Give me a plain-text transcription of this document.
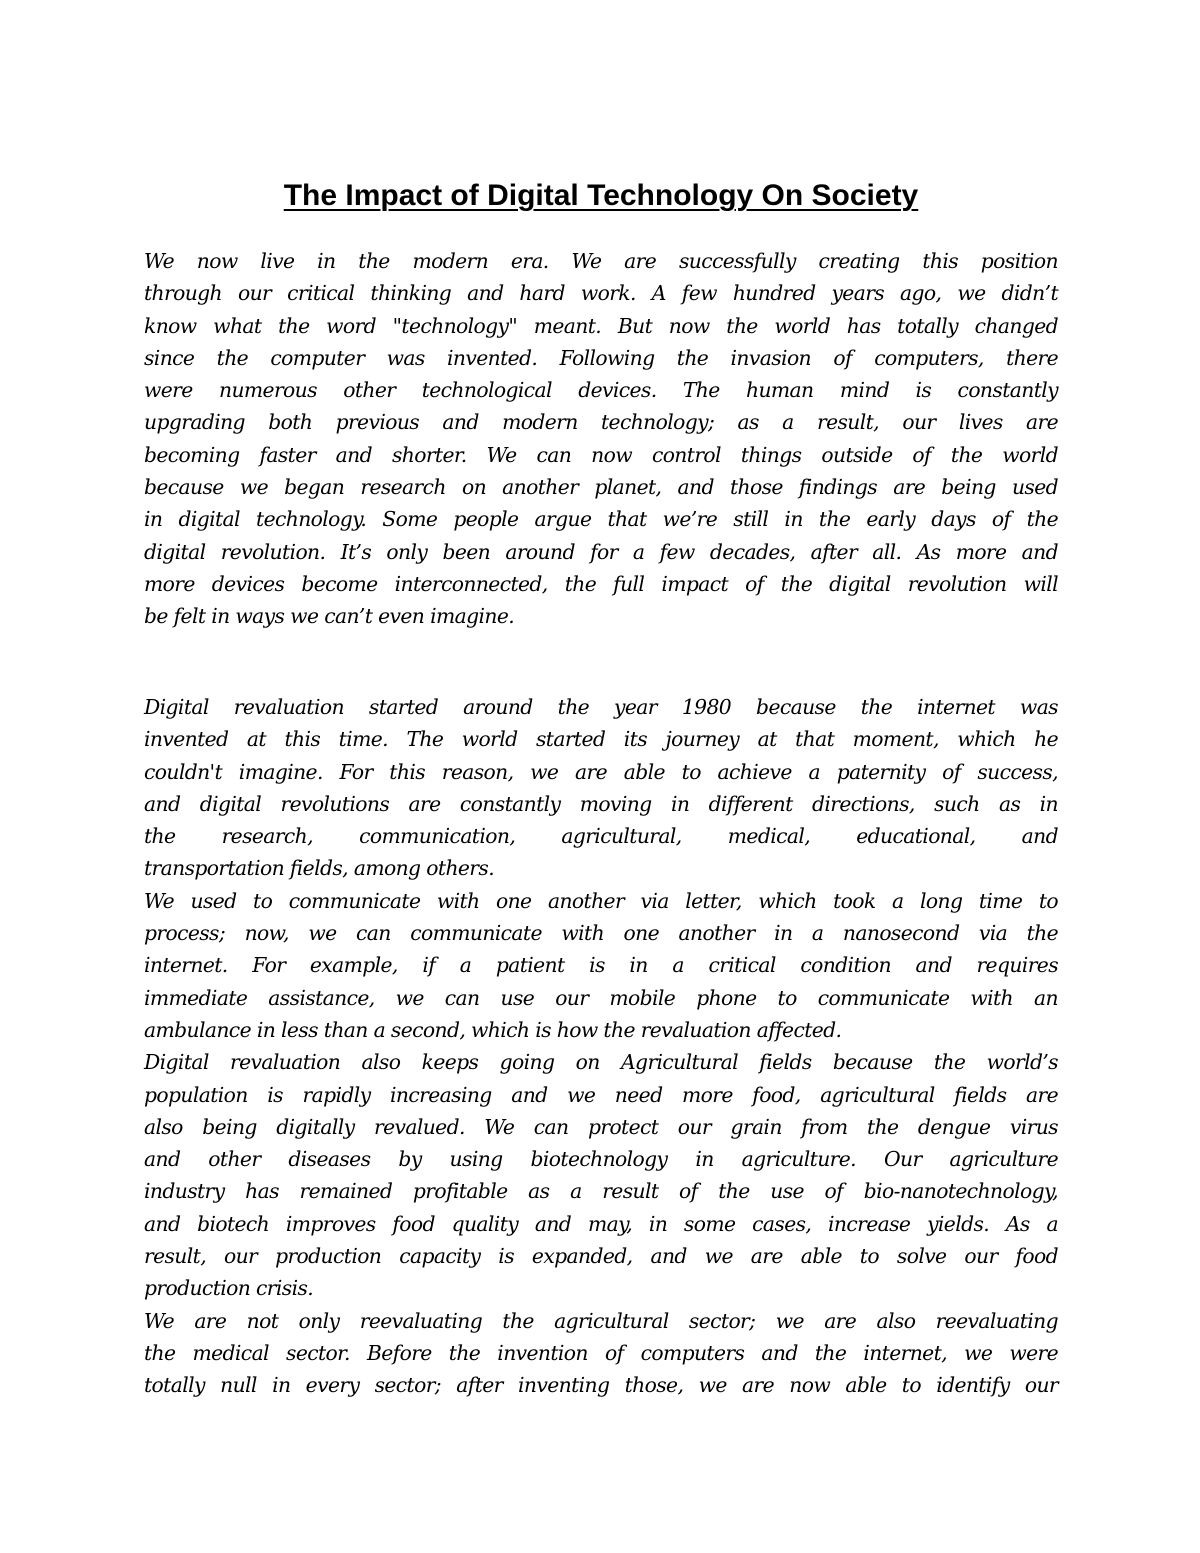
The Impact of Digital Technology On Society
We now live in the modern era. We are successfully creating this position
through our critical thinking and hard work. A few hundred years ago, we didn’t
know what the word "technology" meant. But now the world has totally changed
since the computer was invented. Following the invasion of computers, there
were numerous other technological devices. The human mind is constantly
upgrading both previous and modern technology; as a result, our lives are
becoming faster and shorter. We can now control things outside of the world
because we began research on another planet, and those findings are being used
in digital technology. Some people argue that we’re still in the early days of the
digital revolution. It’s only been around for a few decades, after all. As more and
more devices become interconnected, the full impact of the digital revolution will
be felt in ways we can’t even imagine.
Digital revaluation started around the year 1980 because the internet was
invented at this time. The world started its journey at that moment, which he
couldn't imagine. For this reason, we are able to achieve a paternity of success,
and digital revolutions are constantly moving in different directions, such as in
the research, communication, agricultural, medical, educational, and
transportation fields, among others.
We used to communicate with one another via letter, which took a long time to
process; now, we can communicate with one another in a nanosecond via the
internet. For example, if a patient is in a critical condition and requires
immediate assistance, we can use our mobile phone to communicate with an
ambulance in less than a second, which is how the revaluation affected.
Digital revaluation also keeps going on Agricultural fields because the world’s
population is rapidly increasing and we need more food, agricultural fields are
also being digitally revalued. We can protect our grain from the dengue virus
and other diseases by using biotechnology in agriculture. Our agriculture
industry has remained profitable as a result of the use of bio-nanotechnology,
and biotech improves food quality and may, in some cases, increase yields. As a
result, our production capacity is expanded, and we are able to solve our food
production crisis.
We are not only reevaluating the agricultural sector; we are also reevaluating
the medical sector. Before the invention of computers and the internet, we were
totally null in every sector; after inventing those, we are now able to identify our
